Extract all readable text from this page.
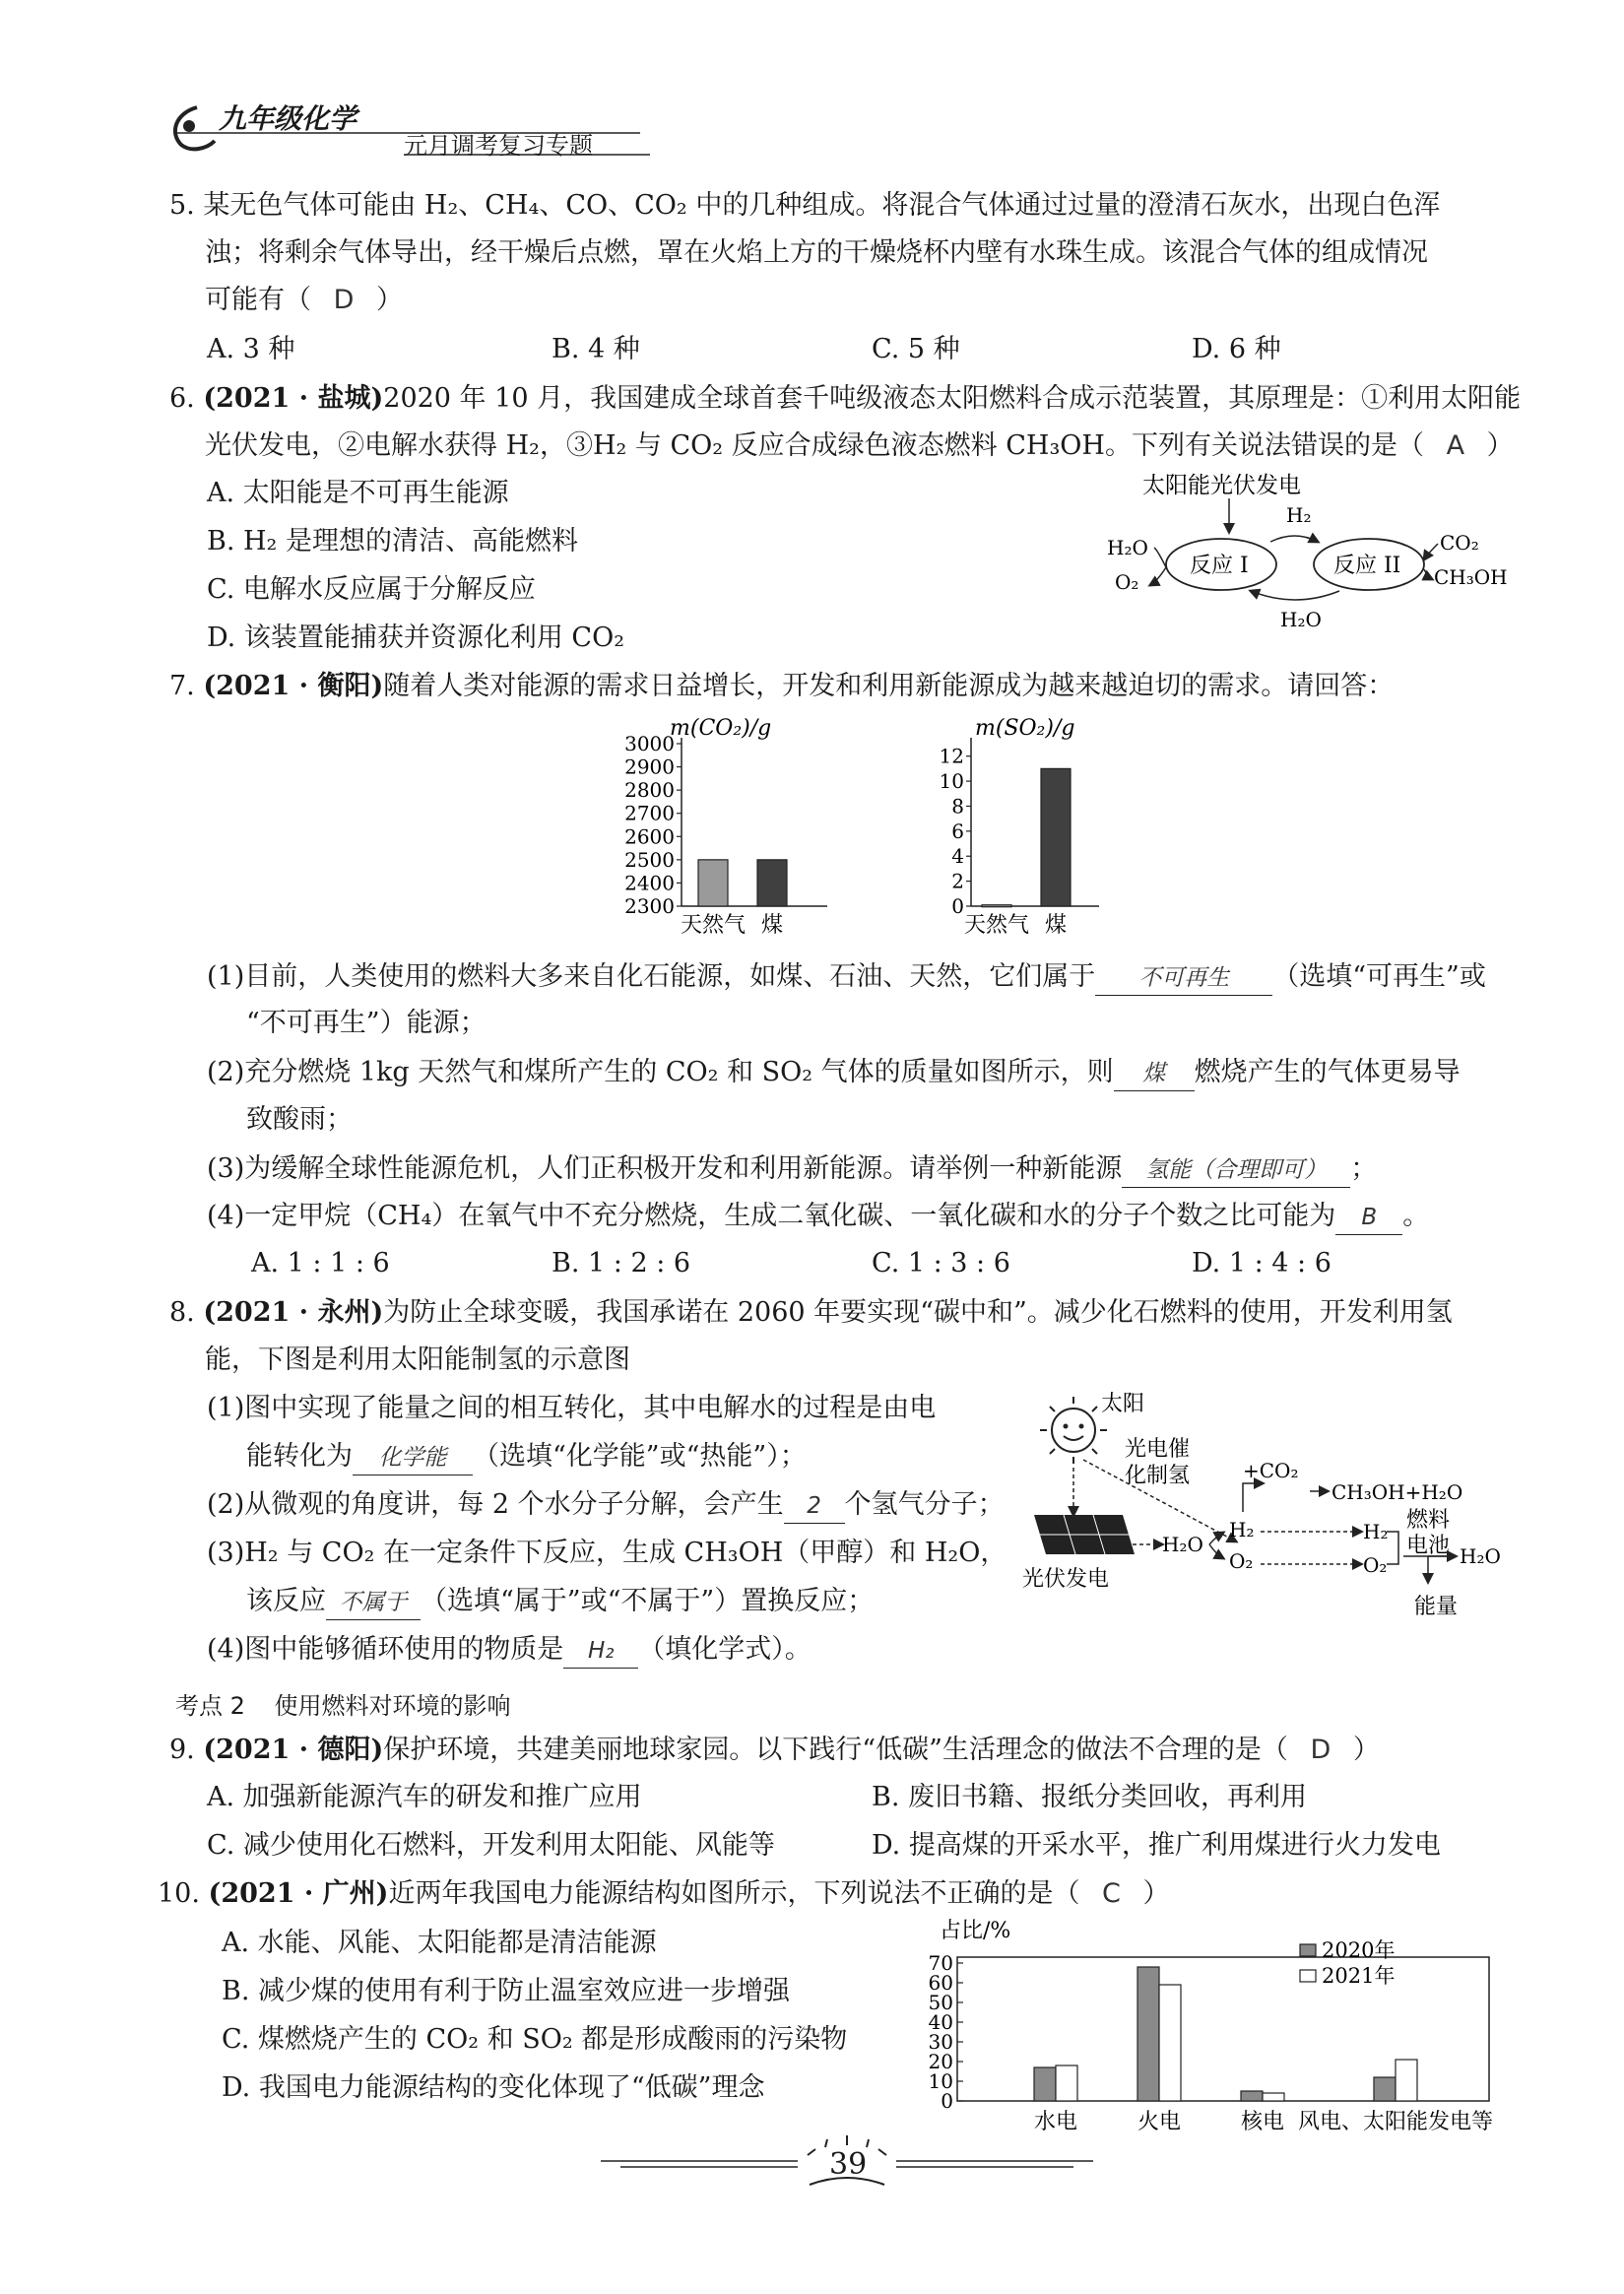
九年级化学
元月调考复习专题
5. 某无色气体可能由 H₂、CH₄、CO、CO₂ 中的几种组成。将混合气体通过过量的澄清石灰水，出现白色浑
浊；将剩余气体导出，经干燥后点燃，罩在火焰上方的干燥烧杯内壁有水珠生成。该混合气体的组成情况
可能有（ D ）
A. 3 种	B. 4 种	C. 5 种	D. 6 种
6. (2021 · 盐城)2020 年 10 月，我国建成全球首套千吨级液态太阳燃料合成示范装置，其原理是：①利用太阳能
光伏发电，②电解水获得 H₂，③H₂ 与 CO₂ 反应合成绿色液态燃料 CH₃OH。下列有关说法错误的是（ A ）
A. 太阳能是不可再生能源
B. H₂ 是理想的清洁、高能燃料
C. 电解水反应属于分解反应
D. 该装置能捕获并资源化利用 CO₂
太阳能光伏发电
反应 I	反应 II
H₂
H₂O
O₂
CO₂
CH₃OH
H₂O
7. (2021 · 衡阳)随着人类对能源的需求日益增长，开发和利用新能源成为越来越迫切的需求。请回答：
m(CO₂)/g
2300
2400
2500
2600
2700
2800
2900
3000
天然气 煤
m(SO₂)/g
0
2
4
6
8
10
12
天然气 煤
(1)目前，人类使用的燃料大多来自化石能源，如煤、石油、天然，它们属于 不可再生 （选填“可再生”或
“不可再生”）能源；
(2)充分燃烧 1kg 天然气和煤所产生的 CO₂ 和 SO₂ 气体的质量如图所示，则 煤 燃烧产生的气体更易导
致酸雨；
(3)为缓解全球性能源危机，人们正积极开发和利用新能源。请举例一种新能源 氢能（合理即可） ；
(4)一定甲烷（CH₄）在氧气中不充分燃烧，生成二氧化碳、一氧化碳和水的分子个数之比可能为 B 。
A. 1 : 1 : 6	B. 1 : 2 : 6	C. 1 : 3 : 6	D. 1 : 4 : 6
8. (2021 · 永州)为防止全球变暖，我国承诺在 2060 年要实现“碳中和”。减少化石燃料的使用，开发利用氢
能，下图是利用太阳能制氢的示意图
(1)图中实现了能量之间的相互转化，其中电解水的过程是由电
能转化为 化学能 （选填“化学能”或“热能”）；
(2)从微观的角度讲，每 2 个水分子分解，会产生 2 个氢气分子；
(3)H₂ 与 CO₂ 在一定条件下反应，生成 CH₃OH（甲醇）和 H₂O，
该反应 不属于 （选填“属于”或“不属于”）置换反应；
(4)图中能够循环使用的物质是 H₂ （填化学式）。
太阳
光电催
化制氢
光伏发电
H₂O
H₂
O₂
+CO₂
CH₃OH+H₂O
H₂
O₂
燃料
电池 H₂O
能量
考点 2 使用燃料对环境的影响
9. (2021 · 德阳)保护环境，共建美丽地球家园。以下践行“低碳”生活理念的做法不合理的是（ D ）
A. 加强新能源汽车的研发和推广应用	B. 废旧书籍、报纸分类回收，再利用
C. 减少使用化石燃料，开发利用太阳能、风能等	D. 提高煤的开采水平，推广利用煤进行火力发电
10. (2021 · 广州)近两年我国电力能源结构如图所示，下列说法不正确的是（ C ）
A. 水能、风能、太阳能都是清洁能源
B. 减少煤的使用有利于防止温室效应进一步增强
C. 煤燃烧产生的 CO₂ 和 SO₂ 都是形成酸雨的污染物
D. 我国电力能源结构的变化体现了“低碳”理念
占比/%
0
10
20
30
40
50
60
70
水电	火电	核电 风电、太阳能发电等
2020年
2021年
39
